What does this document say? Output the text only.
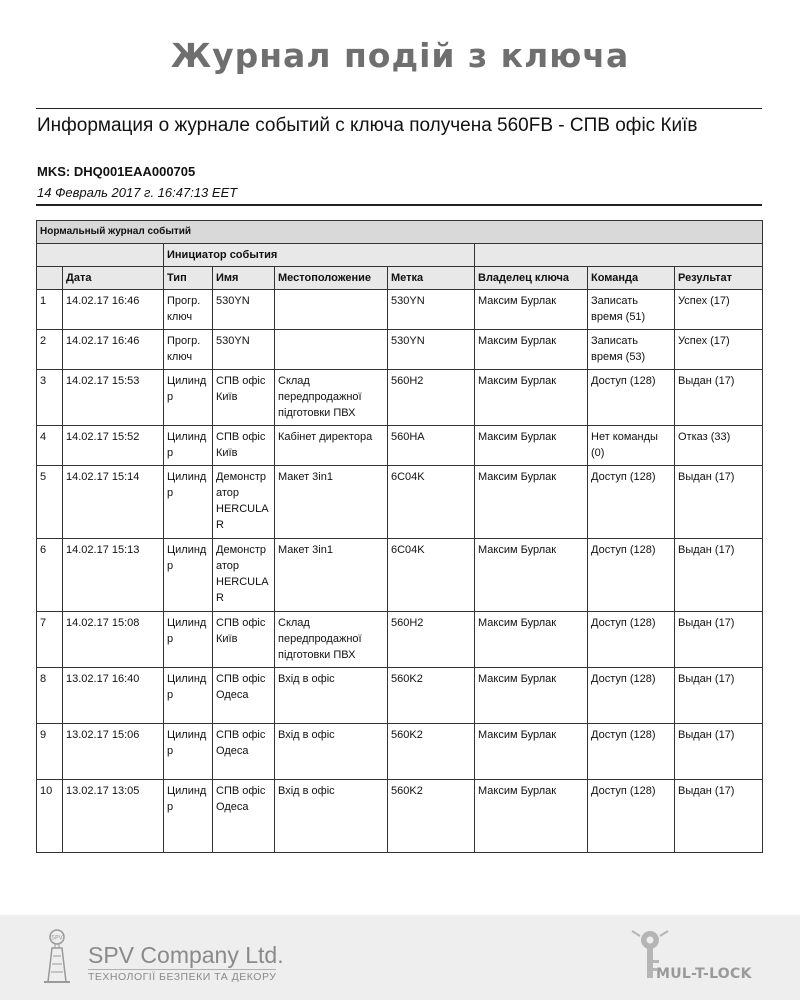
Журнал подій з ключа
Информация о журнале событий с ключа получена 560FB - СПВ офіс Київ
MKS: DHQ001EAA000705
14 Февраль 2017 г. 16:47:13 EET
Нормальный журнал событий								
		Инициатор события						
	Дата	Тип	Имя	Местоположение	Метка	Владелец ключа	Команда	Результат
1	14.02.17 16:46	Прогр. ключ	530YN		530YN	Максим Бурлак	Записать время (51)	Успех (17)
2	14.02.17 16:46	Прогр. ключ	530YN		530YN	Максим Бурлак	Записать время (53)	Успех (17)
3	14.02.17 15:53	Цилиндр	СПВ офіс Київ	Склад передпродажної підготовки ПВХ	560H2	Максим Бурлак	Доступ (128)	Выдан (17)
4	14.02.17 15:52	Цилиндр	СПВ офіс Київ	Кабінет директора	560HA	Максим Бурлак	Нет команды (0)	Отказ (33)
5	14.02.17 15:14	Цилиндр	Демонстратор HERCULAR	Макет 3in1	6C04K	Максим Бурлак	Доступ (128)	Выдан (17)
6	14.02.17 15:13	Цилиндр	Демонстратор HERCULAR	Макет 3in1	6C04K	Максим Бурлак	Доступ (128)	Выдан (17)
7	14.02.17 15:08	Цилиндр	СПВ офіс Київ	Склад передпродажної підготовки ПВХ	560H2	Максим Бурлак	Доступ (128)	Выдан (17)
8	13.02.17 16:40	Цилиндр	СПВ офіс Одеса	Вхід в офіс	560K2	Максим Бурлак	Доступ (128)	Выдан (17)
9	13.02.17 15:06	Цилиндр	СПВ офіс Одеса	Вхід в офіс	560K2	Максим Бурлак	Доступ (128)	Выдан (17)
10	13.02.17 13:05	Цилиндр	СПВ офіс Одеса	Вхід в офіс	560K2	Максим Бурлак	Доступ (128)	Выдан (17)
SPV
SPV Company Ltd.
ТЕХНОЛОГІЇ БЕЗПЕКИ ТА ДЕКОРУ	MUL-T-LOCK
